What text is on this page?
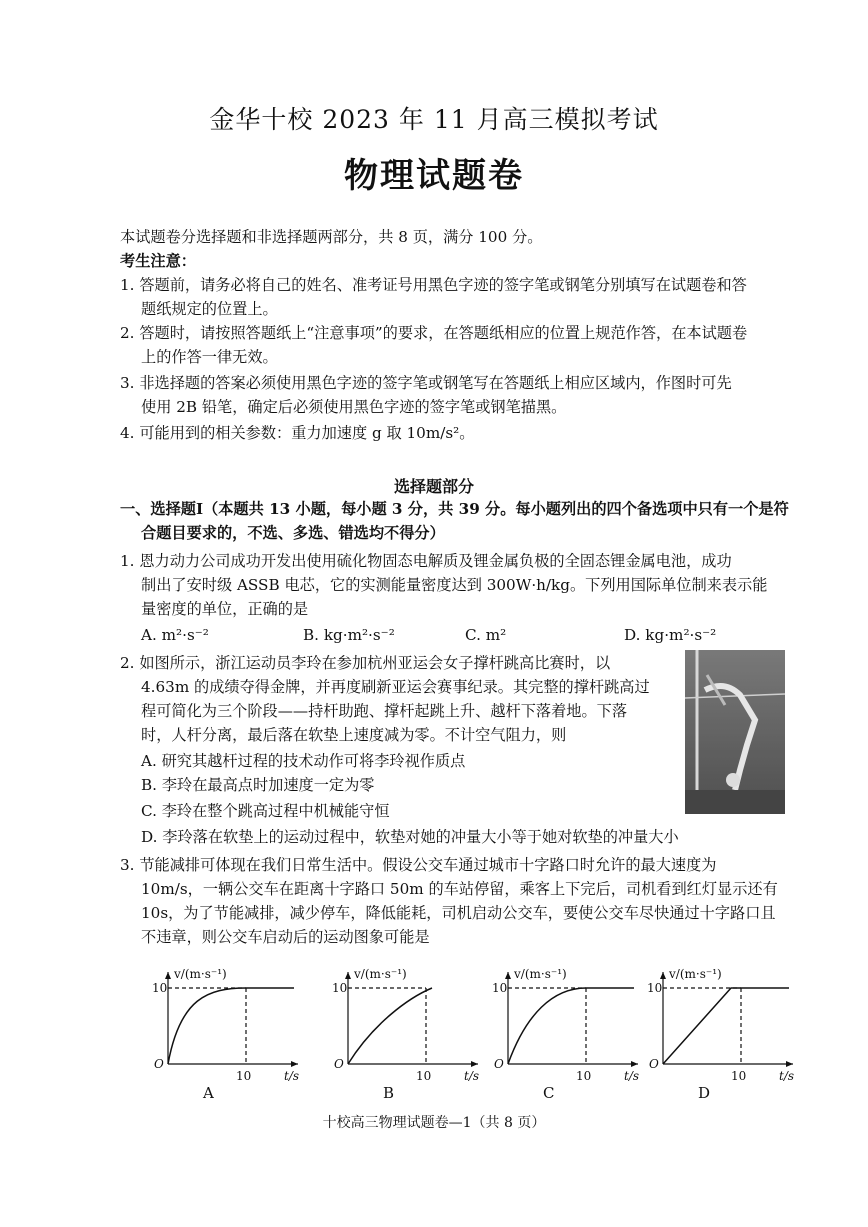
金华十校 2023 年 11 月高三模拟考试
物理试题卷
本试题卷分选择题和非选择题两部分，共 8 页，满分 100 分。
考生注意：
1. 答题前，请务必将自己的姓名、准考证号用黑色字迹的签字笔或钢笔分别填写在试题卷和答
题纸规定的位置上。
2. 答题时，请按照答题纸上“注意事项”的要求，在答题纸相应的位置上规范作答，在本试题卷
上的作答一律无效。
3. 非选择题的答案必须使用黑色字迹的签字笔或钢笔写在答题纸上相应区域内，作图时可先
使用 2B 铅笔，确定后必须使用黑色字迹的签字笔或钢笔描黑。
4. 可能用到的相关参数：重力加速度 g 取 10m/s²。
选择题部分
一、选择题Ⅰ（本题共 13 小题，每小题 3 分，共 39 分。每小题列出的四个备选项中只有一个是符
合题目要求的，不选、多选、错选均不得分）
1. 恩力动力公司成功开发出使用硫化物固态电解质及锂金属负极的全固态锂金属电池，成功
制出了安时级 ASSB 电芯，它的实测能量密度达到 300W·h/kg。下列用国际单位制来表示能
量密度的单位，正确的是
A. m²·s⁻²	B. kg·m²·s⁻²	C. m²	D. kg·m²·s⁻²
2. 如图所示，浙江运动员李玲在参加杭州亚运会女子撑杆跳高比赛时，以
4.63m 的成绩夺得金牌，并再度刷新亚运会赛事纪录。其完整的撑杆跳高过
程可简化为三个阶段——持杆助跑、撑杆起跳上升、越杆下落着地。下落
时，人杆分离，最后落在软垫上速度减为零。不计空气阻力，则
A. 研究其越杆过程的技术动作可将李玲视作质点
B. 李玲在最高点时加速度一定为零
C. 李玲在整个跳高过程中机械能守恒
D. 李玲落在软垫上的运动过程中，软垫对她的冲量大小等于她对软垫的冲量大小
3. 节能减排可体现在我们日常生活中。假设公交车通过城市十字路口时允许的最大速度为
10m/s，一辆公交车在距离十字路口 50m 的车站停留，乘客上下完后，司机看到红灯显示还有
10s，为了节能减排，减少停车，降低能耗，司机启动公交车，要使公交车尽快通过十字路口且
不违章，则公交车启动后的运动图象可能是
v/(m·s⁻¹)
10
O
10	t/s
A
v/(m·s⁻¹)
10
O
10	t/s
B
v/(m·s⁻¹)
10
O
10	t/s
C
v/(m·s⁻¹)
10
O
10	t/s
D
十校高三物理试题卷—1（共 8 页）
